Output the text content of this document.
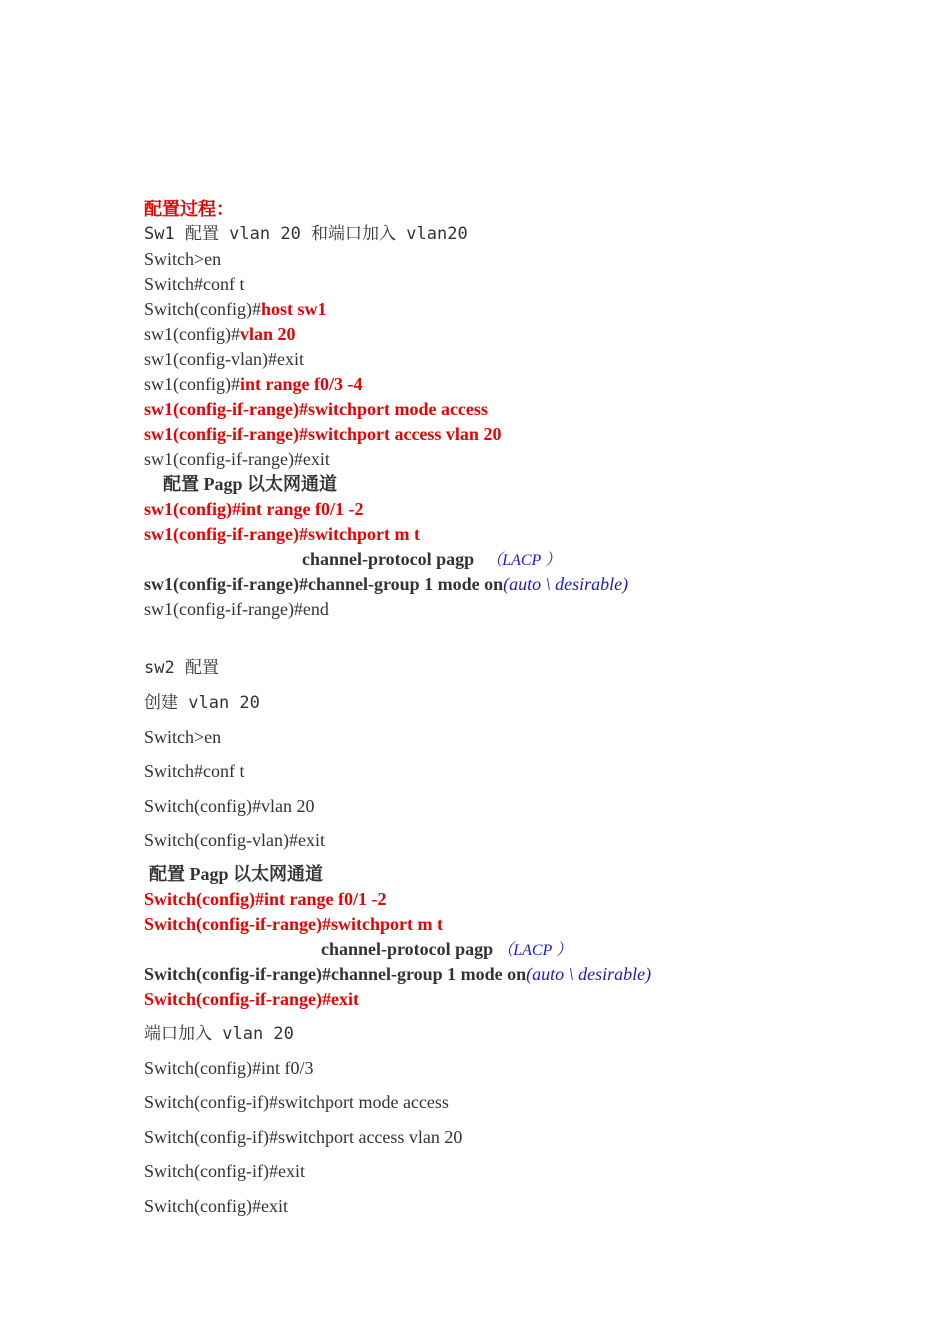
配置过程：
Sw1 配置 vlan 20 和端口加入 vlan20
Switch>en
Switch#conf t
Switch(config)#host sw1
sw1(config)#vlan 20
sw1(config-vlan)#exit
sw1(config)#int range f0/3 -4
sw1(config-if-range)#switchport mode access
sw1(config-if-range)#switchport access vlan 20
sw1(config-if-range)#exit
配置 Pagp 以太网通道
sw1(config)#int range f0/1 -2
sw1(config-if-range)#switchport m t
channel-protocol pagp （LACP ）
sw1(config-if-range)#channel-group 1 mode on(auto \ desirable)
sw1(config-if-range)#end
sw2 配置
创建 vlan 20
Switch>en
Switch#conf t
Switch(config)#vlan 20
Switch(config-vlan)#exit
配置 Pagp 以太网通道
Switch(config)#int range f0/1 -2
Switch(config-if-range)#switchport m t
channel-protocol pagp （LACP ）
Switch(config-if-range)#channel-group 1 mode on(auto \ desirable)
Switch(config-if-range)#exit
端口加入 vlan 20
Switch(config)#int f0/3
Switch(config-if)#switchport mode access
Switch(config-if)#switchport access vlan 20
Switch(config-if)#exit
Switch(config)#exit
